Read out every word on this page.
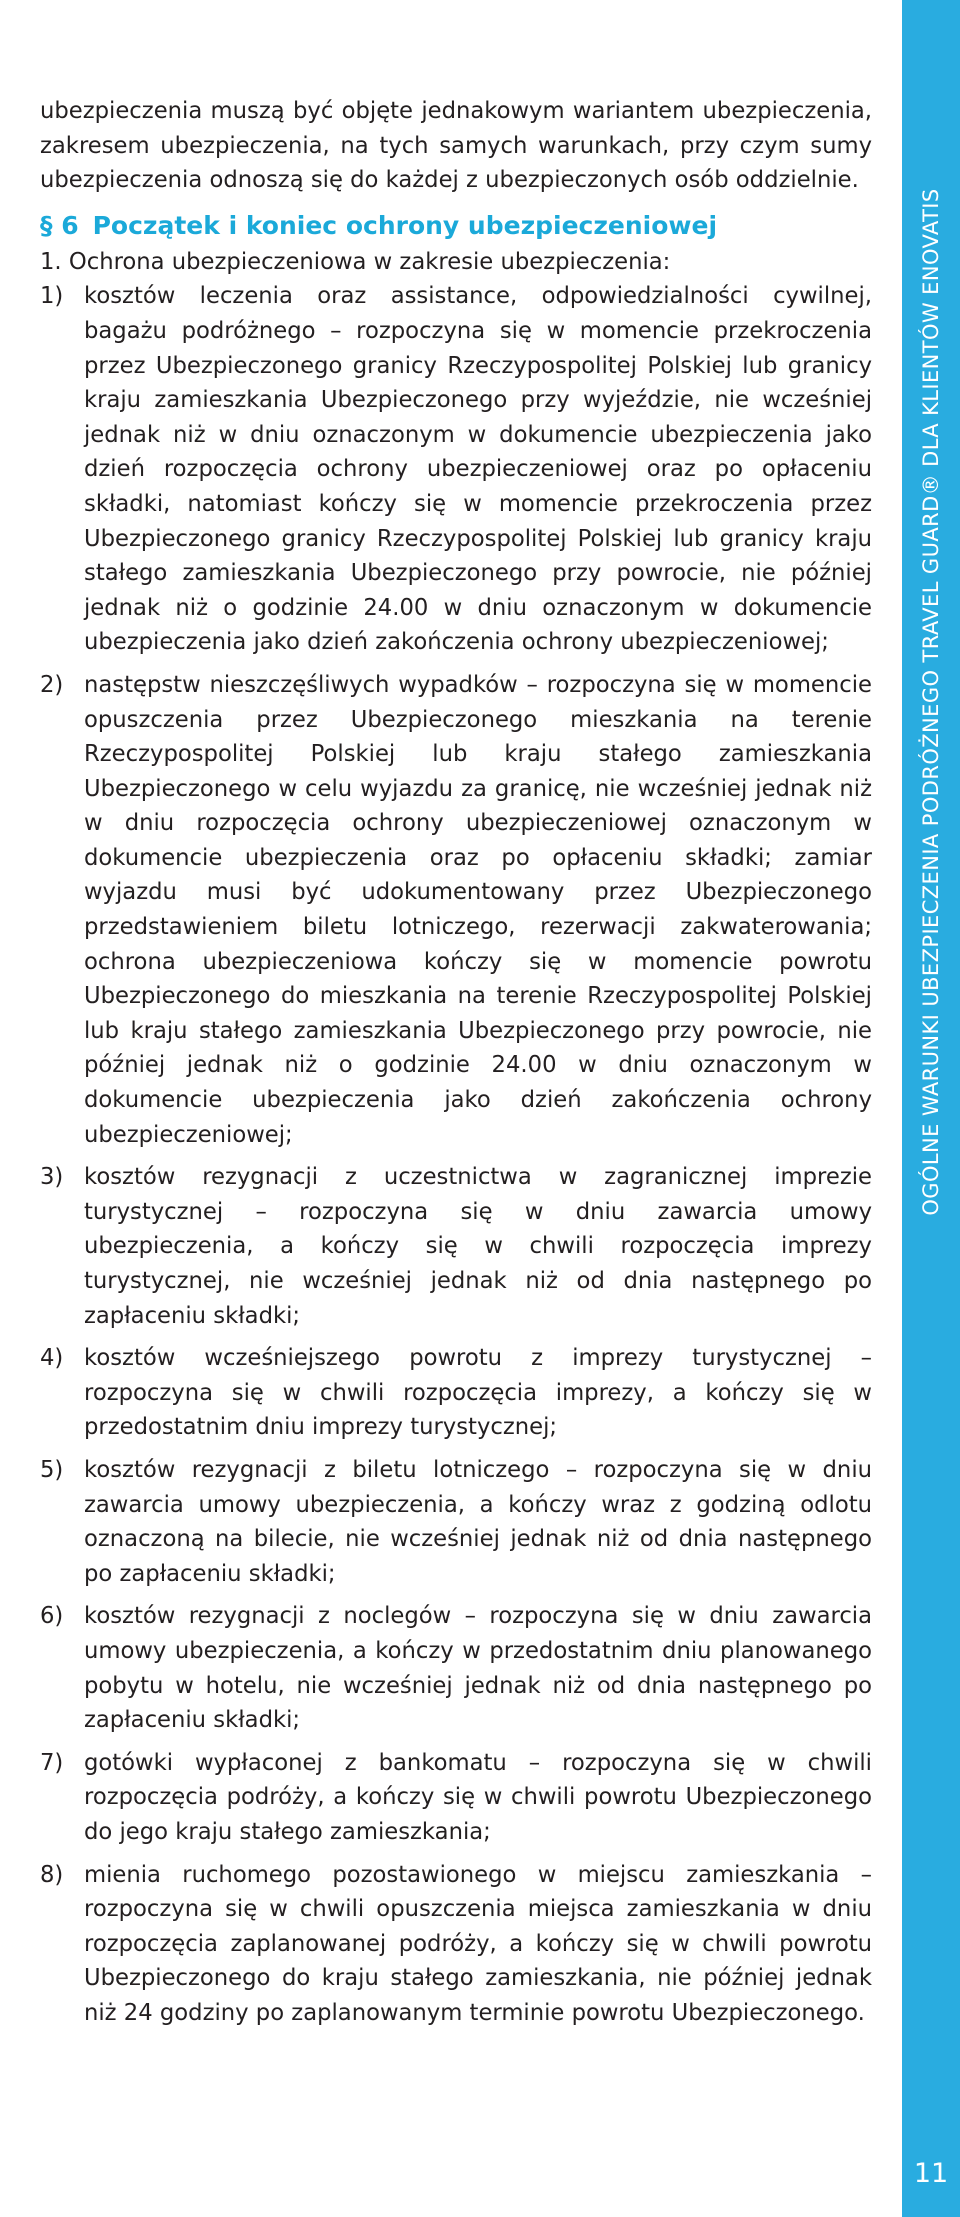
ubezpieczenia muszą być objęte jednakowym wariantem ubezpieczenia, zakresem ubezpieczenia, na tych samych warunkach, przy czym sumy ubezpieczenia odnoszą się do każdej z ubezpieczonych osób oddzielnie.

§ 6 Początek i koniec ochrony ubezpieczeniowej

1. Ochrona ubezpieczeniowa w zakresie ubezpieczenia:

1) kosztów leczenia oraz assistance, odpowiedzialności cywilnej, bagażu podróżnego – rozpoczyna się w momencie przekroczenia przez Ubezpieczonego granicy Rzeczypospolitej Polskiej lub granicy kraju zamieszkania Ubezpieczonego przy wyjeździe, nie wcześniej jednak niż w dniu oznaczonym w dokumencie ubezpieczenia jako dzień rozpoczęcia ochrony ubezpieczeniowej oraz po opłaceniu składki, natomiast kończy się w momencie przekroczenia przez Ubezpieczonego granicy Rzeczypospolitej Polskiej lub granicy kraju stałego zamieszkania Ubezpieczonego przy powrocie, nie później jednak niż o godzinie 24.00 w dniu oznaczonym w dokumencie ubezpieczenia jako dzień zakończenia ochrony ubezpieczeniowej;
2) następstw nieszczęśliwych wypadków – rozpoczyna się w momencie opuszczenia przez Ubezpieczonego mieszkania na terenie Rzeczypospolitej Polskiej lub kraju stałego zamieszkania Ubezpieczonego w celu wyjazdu za granicę, nie wcześniej jednak niż w dniu rozpoczęcia ochrony ubezpieczeniowej oznaczonym w dokumencie ubezpieczenia oraz po opłaceniu składki; zamiar wyjazdu musi być udokumentowany przez Ubezpieczonego przedstawieniem biletu lotniczego, rezerwacji zakwaterowania; ochrona ubezpieczeniowa kończy się w momencie powrotu Ubezpieczonego do mieszkania na terenie Rzeczypospolitej Polskiej lub kraju stałego zamieszkania Ubezpieczonego przy powrocie, nie później jednak niż o godzinie 24.00 w dniu oznaczonym w dokumencie ubezpieczenia jako dzień zakończenia ochrony ubezpieczeniowej;
3) kosztów rezygnacji z uczestnictwa w zagranicznej imprezie turystycznej – rozpoczyna się w dniu zawarcia umowy ubezpieczenia, a kończy się w chwili rozpoczęcia imprezy turystycznej, nie wcześniej jednak niż od dnia następnego po zapłaceniu składki;
4) kosztów wcześniejszego powrotu z imprezy turystycznej – rozpoczyna się w chwili rozpoczęcia imprezy, a kończy się w przedostatnim dniu imprezy turystycznej;
5) kosztów rezygnacji z biletu lotniczego – rozpoczyna się w dniu zawarcia umowy ubezpieczenia, a kończy wraz z godziną odlotu oznaczoną na bilecie, nie wcześniej jednak niż od dnia następnego po zapłaceniu składki;
6) kosztów rezygnacji z noclegów – rozpoczyna się w dniu zawarcia umowy ubezpieczenia, a kończy w przedostatnim dniu planowanego pobytu w hotelu, nie wcześniej jednak niż od dnia następnego po zapłaceniu składki;
7) gotówki wypłaconej z bankomatu – rozpoczyna się w chwili rozpoczęcia podróży, a kończy się w chwili powrotu Ubezpieczonego do jego kraju stałego zamieszkania;
8) mienia ruchomego pozostawionego w miejscu zamieszkania – rozpoczyna się w chwili opuszczenia miejsca zamieszkania w dniu rozpoczęcia zaplanowanej podróży, a kończy się w chwili powrotu Ubezpieczonego do kraju stałego zamieszkania, nie później jednak niż 24 godziny po zaplanowanym terminie powrotu Ubezpieczonego.
OGÓLNE WARUNKI UBEZPIECZENIA PODRÓŻNEGO TRAVEL GUARD® DLA KLIENTÓW ENOVATIS
11
